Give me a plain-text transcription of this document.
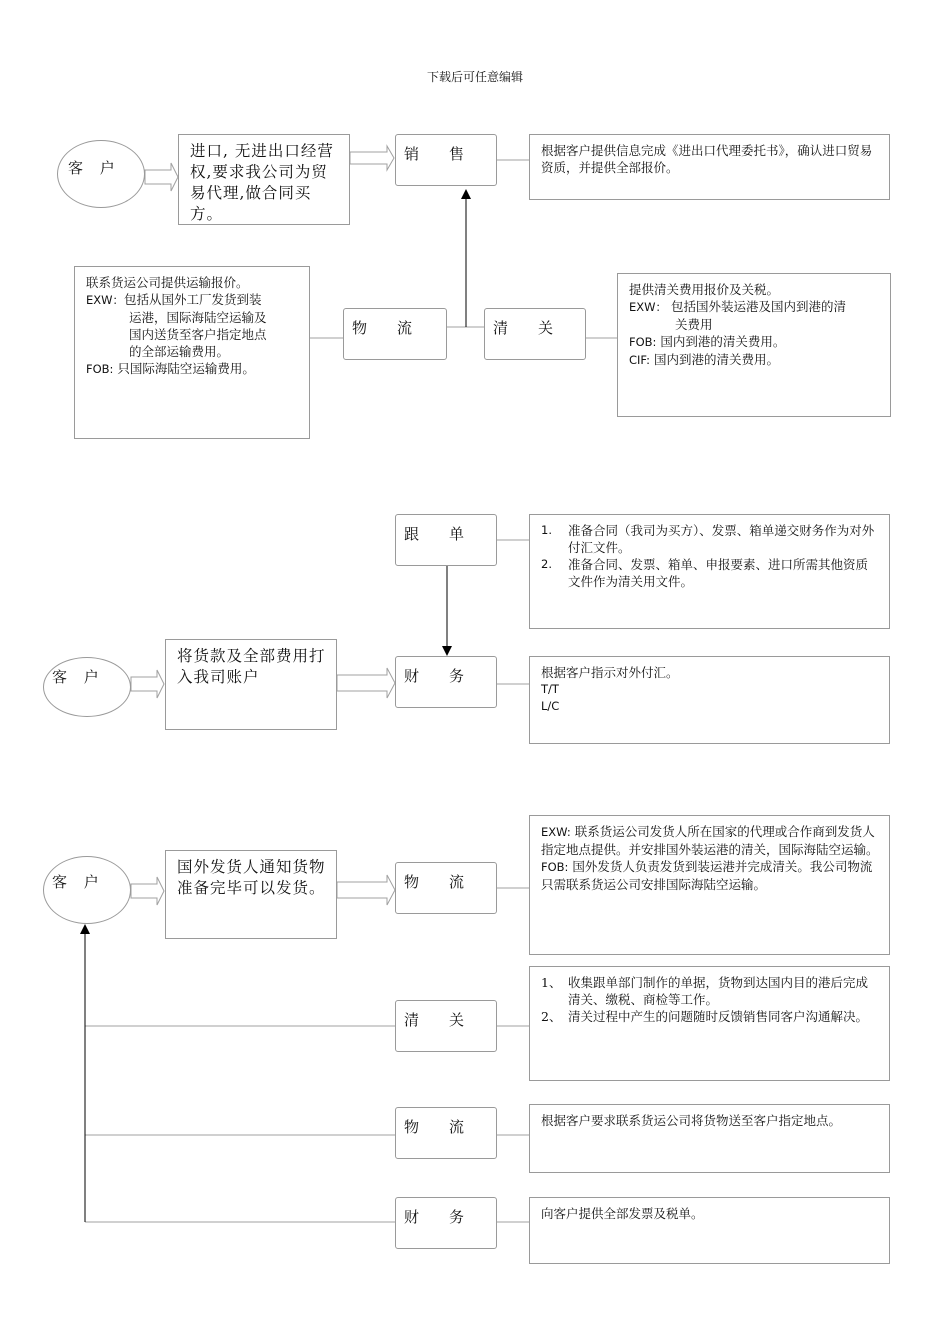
下载后可任意编辑
客 户
进口, 无进出口经营权,要求我公司为贸易代理,做合同买方。
销　　售	根据客户提供信息完成《进出口代理委托书》，确认进口贸易资质，并提供全部报价。
联系货运公司提供运输报价。
EXW：包括从国外工厂发货到装
运港，国际海陆空运输及
国内送货至客户指定地点
的全部运输费用。
FOB: 只国际海陆空运输费用。
物　　流	清　　关
提供清关费用报价及关税。
EXW： 包括国外装运港及国内到港的清
关费用
FOB: 国内到港的清关费用。
CIF: 国内到港的清关费用。
跟　　单	1.	准备合同（我司为买方）、发票、箱单递交财务作为对外付汇文件。
2.	准备合同、发票、箱单、申报要素、进口所需其他资质文件作为清关用文件。
客 户
将货款及全部费用打入我司账户	财　　务	根据客户指示对外付汇。
T/T
L/C
客 户
国外发货人通知货物准备完毕可以发货。	物　　流
EXW: 联系货运公司发货人所在国家的代理或合作商到发货人指定地点提供。并安排国外装运港的清关，国际海陆空运输。
FOB: 国外发货人负责发货到装运港并完成清关。我公司物流只需联系货运公司安排国际海陆空运输。
清　　关
1、 收集跟单部门制作的单据，货物到达国内目的港后完成清关、缴税、商检等工作。
2、 清关过程中产生的问题随时反馈销售同客户沟通解决。
物　　流	根据客户要求联系货运公司将货物送至客户指定地点。
财　　务	向客户提供全部发票及税单。
